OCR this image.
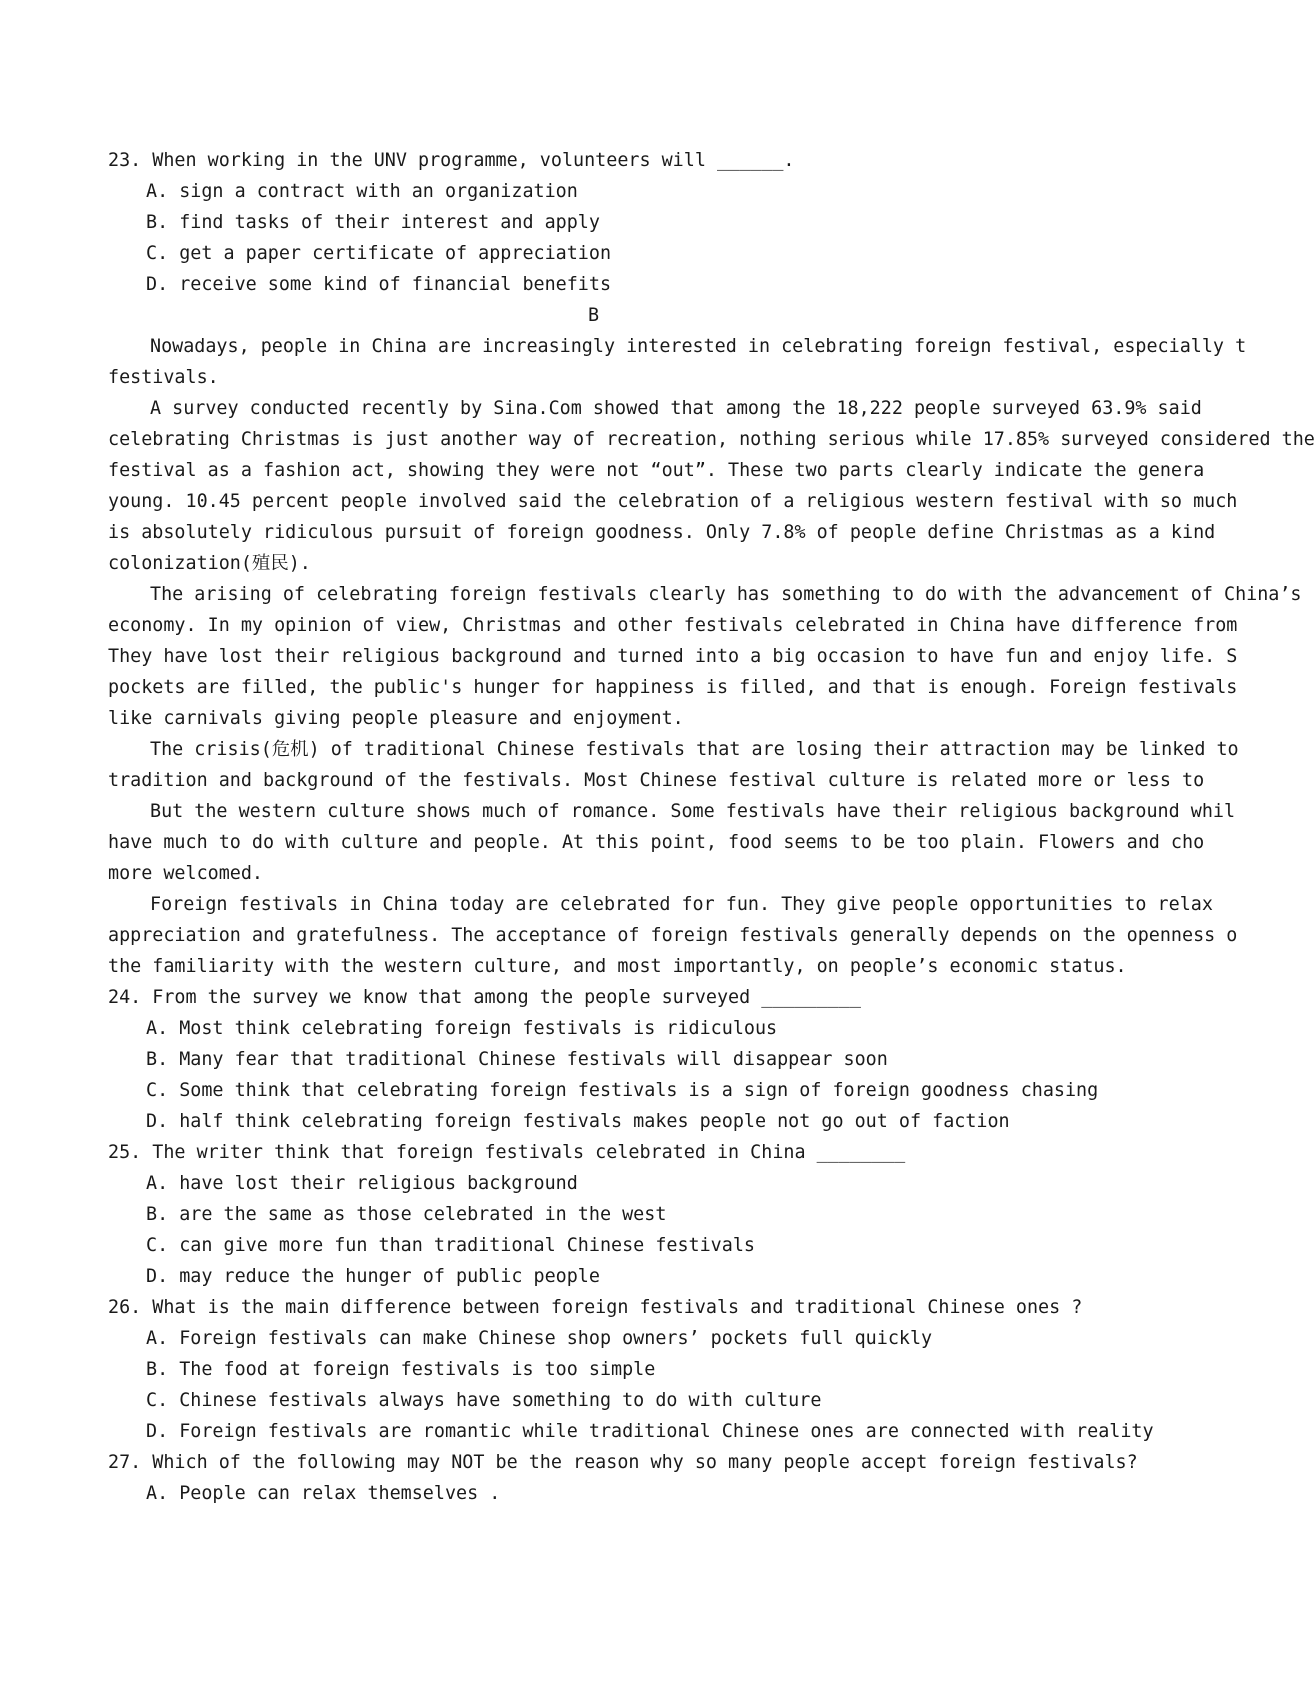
23. When working in the UNV programme, volunteers will ______.
A. sign a contract with an organization
B. find tasks of their interest and apply
C. get a paper certificate of appreciation
D. receive some kind of financial benefits
B
Nowadays, people in China are increasingly interested in celebrating foreign festival, especially t
festivals.
A survey conducted recently by Sina.Com showed that among the 18,222 people surveyed 63.9% said
celebrating Christmas is just another way of recreation, nothing serious while 17.85% surveyed considered the
festival as a fashion act, showing they were not “out”. These two parts clearly indicate the genera
young. 10.45 percent people involved said the celebration of a religious western festival with so much
is absolutely ridiculous pursuit of foreign goodness. Only 7.8% of people define Christmas as a kind
colonization(殖民).
The arising of celebrating foreign festivals clearly has something to do with the advancement of China’s
economy. In my opinion of view, Christmas and other festivals celebrated in China have difference from
They have lost their religious background and turned into a big occasion to have fun and enjoy life. S
pockets are filled, the public's hunger for happiness is filled, and that is enough. Foreign festivals
like carnivals giving people pleasure and enjoyment.
The crisis(危机) of traditional Chinese festivals that are losing their attraction may be linked to
tradition and background of the festivals. Most Chinese festival culture is related more or less to
But the western culture shows much of romance. Some festivals have their religious background whil
have much to do with culture and people. At this point, food seems to be too plain. Flowers and cho
more welcomed.
Foreign festivals in China today are celebrated for fun. They give people opportunities to relax
appreciation and gratefulness. The acceptance of foreign festivals generally depends on the openness o
the familiarity with the western culture, and most importantly, on people’s economic status.
24. From the survey we know that among the people surveyed _________
A. Most think celebrating foreign festivals is ridiculous
B. Many fear that traditional Chinese festivals will disappear soon
C. Some think that celebrating foreign festivals is a sign of foreign goodness chasing
D. half think celebrating foreign festivals makes people not go out of faction
25. The writer think that foreign festivals celebrated in China ________
A. have lost their religious background
B. are the same as those celebrated in the west
C. can give more fun than traditional Chinese festivals
D. may reduce the hunger of public people
26. What is the main difference between foreign festivals and traditional Chinese ones ?
A. Foreign festivals can make Chinese shop owners’ pockets full quickly
B. The food at foreign festivals is too simple
C. Chinese festivals always have something to do with culture
D. Foreign festivals are romantic while traditional Chinese ones are connected with reality
27. Which of the following may NOT be the reason why so many people accept foreign festivals?
A. People can relax themselves .
